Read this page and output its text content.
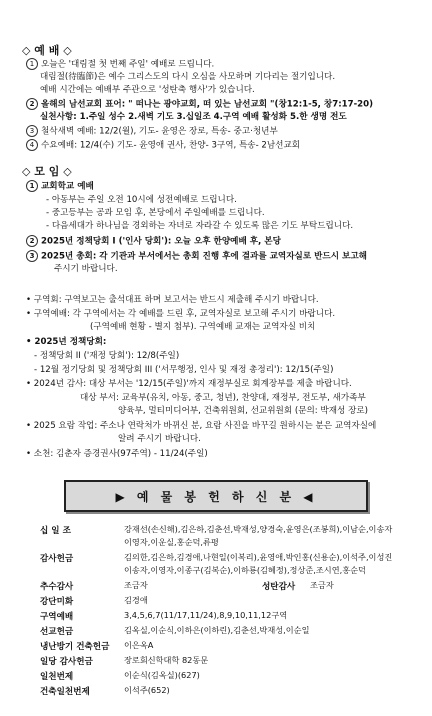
◇ 예 배 ◇
1 오늘은 '대림절 첫 번째 주일' 예배로 드립니다.
대림절(待臨節)은 예수 그리스도의 다시 오심을 사모하며 기다리는 절기입니다.
예배 시간에는 예배부 주관으로 '성탄축 행사'가 있습니다.
2 올해의 남선교회 표어: " 떠나는 광야교회, 떠 있는 남선교회 "(창12:1-5, 창7:17-20)
실천사항: 1.주일 성수 2.새벽 기도 3.십일조 4.구역 예배 활성화 5.한 생명 전도
3 철삭새벽 예배: 12/2(월), 기도- 윤영은 장로, 특송- 중고·청년부
4 수요예배: 12/4(수) 기도- 윤영애 권사, 찬양- 3구역, 특송- 2남선교회
◇ 모 임 ◇
1 교회학교 예배
- 아동부는 주일 오전 10시에 성전예배로 드립니다.
- 중고등부는 공과 모임 후, 본당에서 주일예배를 드립니다.
- 다음세대가 하나님을 경외하는 자녀로 자라갈 수 있도록 많은 기도 부탁드립니다.
2 2025년 정책당회 I ('인사 당회'): 오늘 오후 한양예배 후, 본당
3 2025년 총회: 각 기관과 부서에서는 총회 진행 후에 결과를 교역자실로 반드시 보고해
주시기 바랍니다.
• 구역회: 구역보고는 출석대표 하며 보고서는 반드시 제출해 주시기 바랍니다.
• 구역예배: 각 구역에서는 각 예배를 드린 후, 교역자실로 보고해 주시기 바랍니다.
(구역예배 현황 - 별지 첨부). 구역예배 교재는 교역자실 비치
• 2025년 정책당회:
- 정책당회 II ('재정 당회'): 12/8(주일)
- 12월 정기당회 및 정책당회 III ('서무행정, 인사 및 재정 총정리'): 12/15(주일)
• 2024년 감사: 대상 부서는 '12/15(주일)'까지 재정부실로 회계장부를 제출 바랍니다.
대상 부서: 교육부(유치, 아동, 중고, 청년), 찬양대, 재정부, 전도부, 새가족부
양육부, 멀티미디어부, 건축위원회, 선교위원회 (문의: 박재성 장로)
• 2025 요람 작업: 주소나 연락처가 바뀌신 분, 요람 사진을 바꾸길 원하시는 분은 교역자실에
알려 주시기 바랍니다.
• 소천: 김춘자 증경권사(97주역) - 11/24(주일)
▶ 예 물 봉 헌 하 신 분 ◀
십 일 조	강재선(손신해),김은하,김춘선,박재성,양경숙,윤영은(조봉희),이남순,이송자
이영자,이운실,홍순덕,류평
감사헌금	김의한,김은하,김경애,나현일(이복리),윤영애,박인홍(신용순),이석주,이성진
이송자,이영자,이종구(김복순),이하룡(김혜정),정상준,조시연,홍순덕
추수감사	조금자	성탄감사 조금자
강단미화	김경애
구역예배	3,4,5,6,7(11/17,11/24),8,9,10,11,12구역
선교헌금	김옥실,이순식,이하은(이하린),김춘선,박재성,이순일
냉난방기 건축헌금 이은옥A
일당 감사헌금	장로회신학대학 82동문
일천번제	이순식(김옥실)(627)
건축일천번제	이석주(652)
